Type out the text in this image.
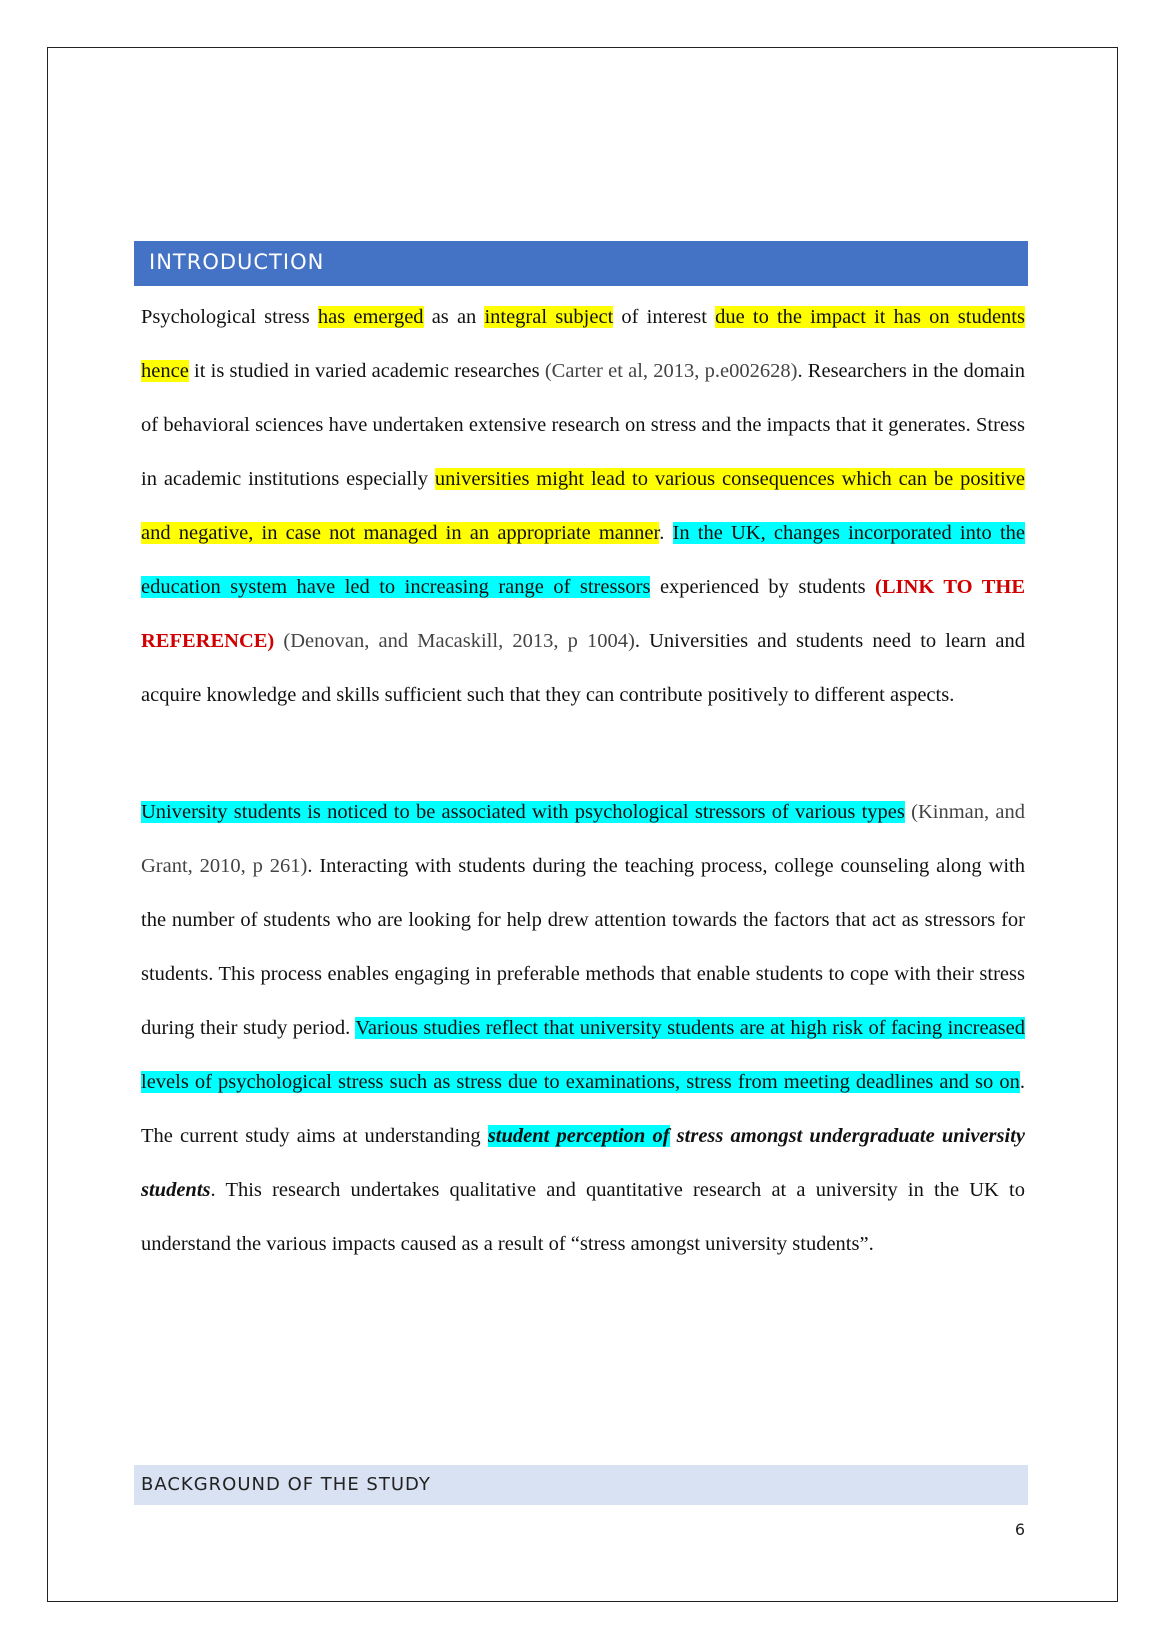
INTRODUCTION

Psychological stress has emerged as an integral subject of interest due to the impact it has on students hence it is studied in varied academic researches (Carter et al, 2013, p.e002628). Researchers in the domain of behavioral sciences have undertaken extensive research on stress and the impacts that it generates. Stress in academic institutions especially universities might lead to various consequences which can be positive and negative, in case not managed in an appropriate manner. In the UK, changes incorporated into the education system have led to increasing range of stressors experienced by students (LINK TO THE REFERENCE) (Denovan, and Macaskill, 2013, p 1004). Universities and students need to learn and acquire knowledge and skills sufficient such that they can contribute positively to different aspects.

University students is noticed to be associated with psychological stressors of various types (Kinman, and Grant, 2010, p 261). Interacting with students during the teaching process, college counseling along with the number of students who are looking for help drew attention towards the factors that act as stressors for students. This process enables engaging in preferable methods that enable students to cope with their stress during their study period. Various studies reflect that university students are at high risk of facing increased levels of psychological stress such as stress due to examinations, stress from meeting deadlines and so on. The current study aims at understanding student perception of stress amongst undergraduate university students. This research undertakes qualitative and quantitative research at a university in the UK to understand the various impacts caused as a result of “stress amongst university students”.

BACKGROUND OF THE STUDY
6
